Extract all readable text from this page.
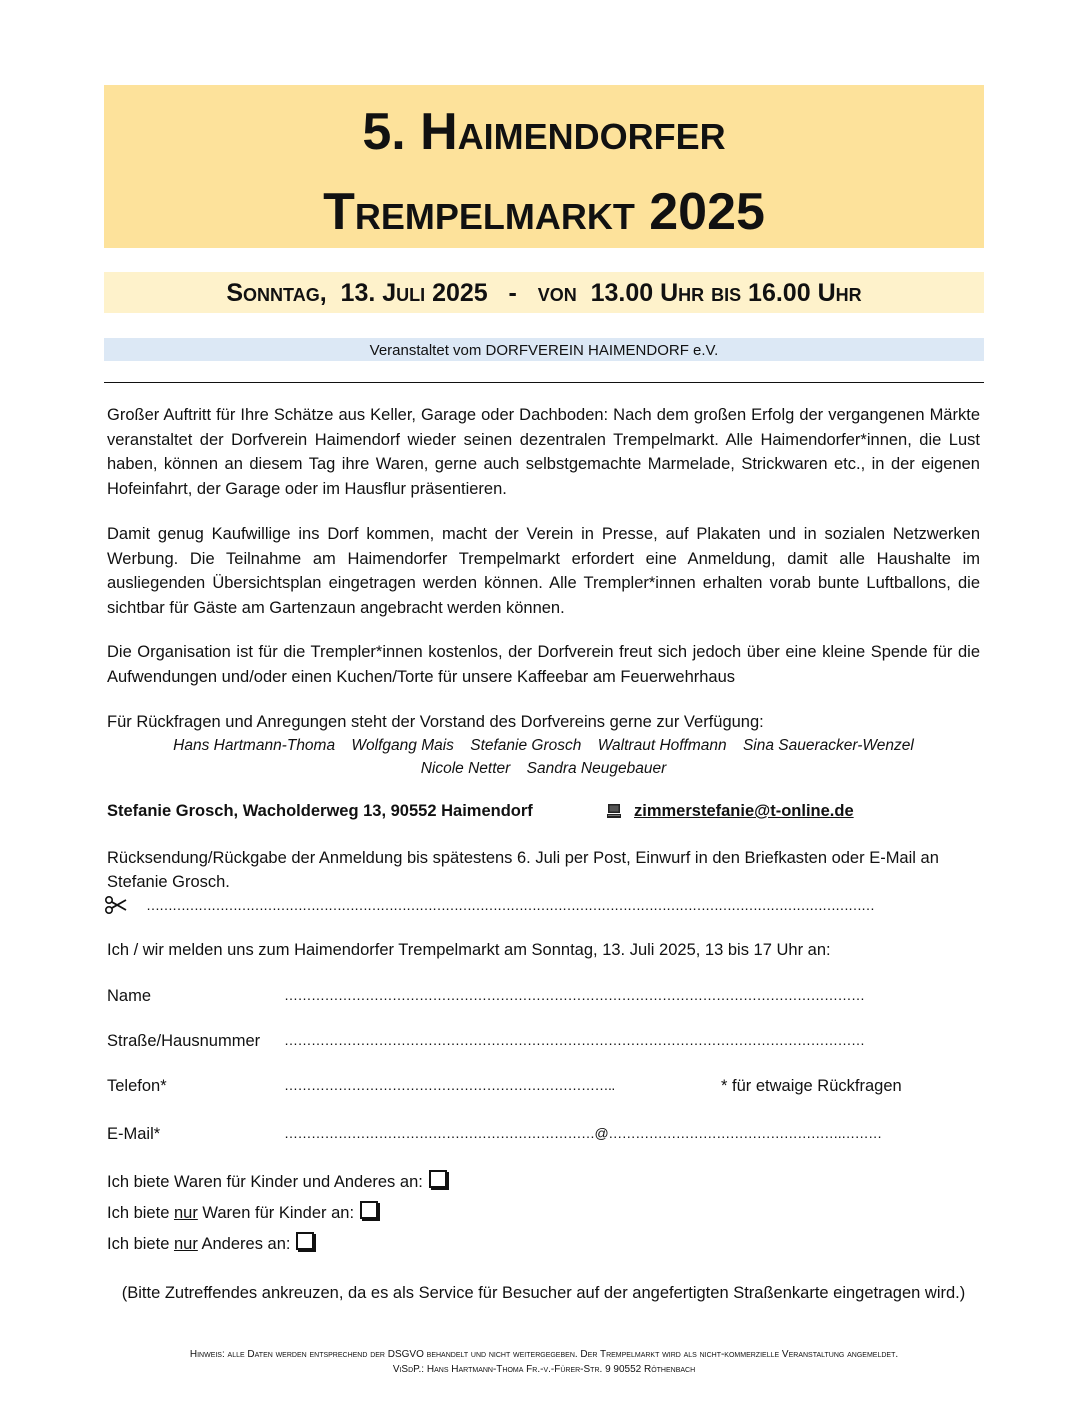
5. Haimendorfer
Trempelmarkt 2025
Sonntag,  13. Juli 2025   -   von  13.00 Uhr bis 16.00 Uhr
Veranstaltet vom DORFVEREIN HAIMENDORF e.V.
Großer Auftritt für Ihre Schätze aus Keller, Garage oder Dachboden: Nach dem großen Erfolg der vergangenen Märkte veranstaltet der Dorfverein Haimendorf wieder seinen dezentralen Trempelmarkt. Alle Haimendorfer*innen, die Lust haben, können an diesem Tag ihre Waren, gerne auch selbstgemachte Marmelade, Strickwaren etc., in der eigenen Hofeinfahrt, der Garage oder im Hausflur präsentieren.
Damit genug Kaufwillige ins Dorf kommen, macht der Verein in Presse, auf Plakaten und in sozialen Netzwerken Werbung. Die Teilnahme am Haimendorfer Trempelmarkt erfordert eine Anmeldung, damit alle Haushalte im ausliegenden Übersichtsplan eingetragen werden können. Alle Trempler*innen erhalten vorab bunte Luftballons, die sichtbar für Gäste am Gartenzaun angebracht werden können.
Die Organisation ist für die Trempler*innen kostenlos, der Dorfverein freut sich jedoch über eine kleine Spende für die Aufwendungen und/oder einen Kuchen/Torte für unsere Kaffeebar am Feuerwehrhaus
Für Rückfragen und Anregungen steht der Vorstand des Dorfvereins gerne zur Verfügung:
Hans Hartmann-Thoma Wolfgang Mais Stefanie Grosch Waltraut Hoffmann Sina Saueracker-Wenzel
Nicole Netter Sandra Neugebauer
Stefanie Grosch, Wacholderweg 13, 90552 Haimendorf	zimmerstefanie@t-online.de
Rücksendung/Rückgabe der Anmeldung bis spätestens 6. Juli per Post, Einwurf in den Briefkasten oder E-Mail an Stefanie Grosch.
……………………………………………………………………………………………………………………………………………………
Ich / wir melden uns zum Haimendorfer Trempelmarkt am Sonntag, 13. Juli 2025, 13 bis 17 Uhr an:
Name	…………………………………………………………………………………………………………………
Straße/Hausnummer …………………………………………………………………………………………………………………
Telefon*	………………………………………………………………..	* für etwaige Rückfragen
E-Mail*	……………………………………………………………@…………………………………………….………
Ich biete Waren für Kinder und Anderes an:
Ich biete nur Waren für Kinder an:
Ich biete nur Anderes an:
(Bitte Zutreffendes ankreuzen, da es als Service für Besucher auf der angefertigten Straßenkarte eingetragen wird.)
Hinweis: alle Daten werden entsprechend der DSGVO behandelt und nicht weitergegeben. Der Trempelmarkt wird als nicht-kommerzielle Veranstaltung angemeldet.
ViSdP.: Hans Hartmann-Thoma Fr.-v.-Fürer-Str. 9 90552 Röthenbach
